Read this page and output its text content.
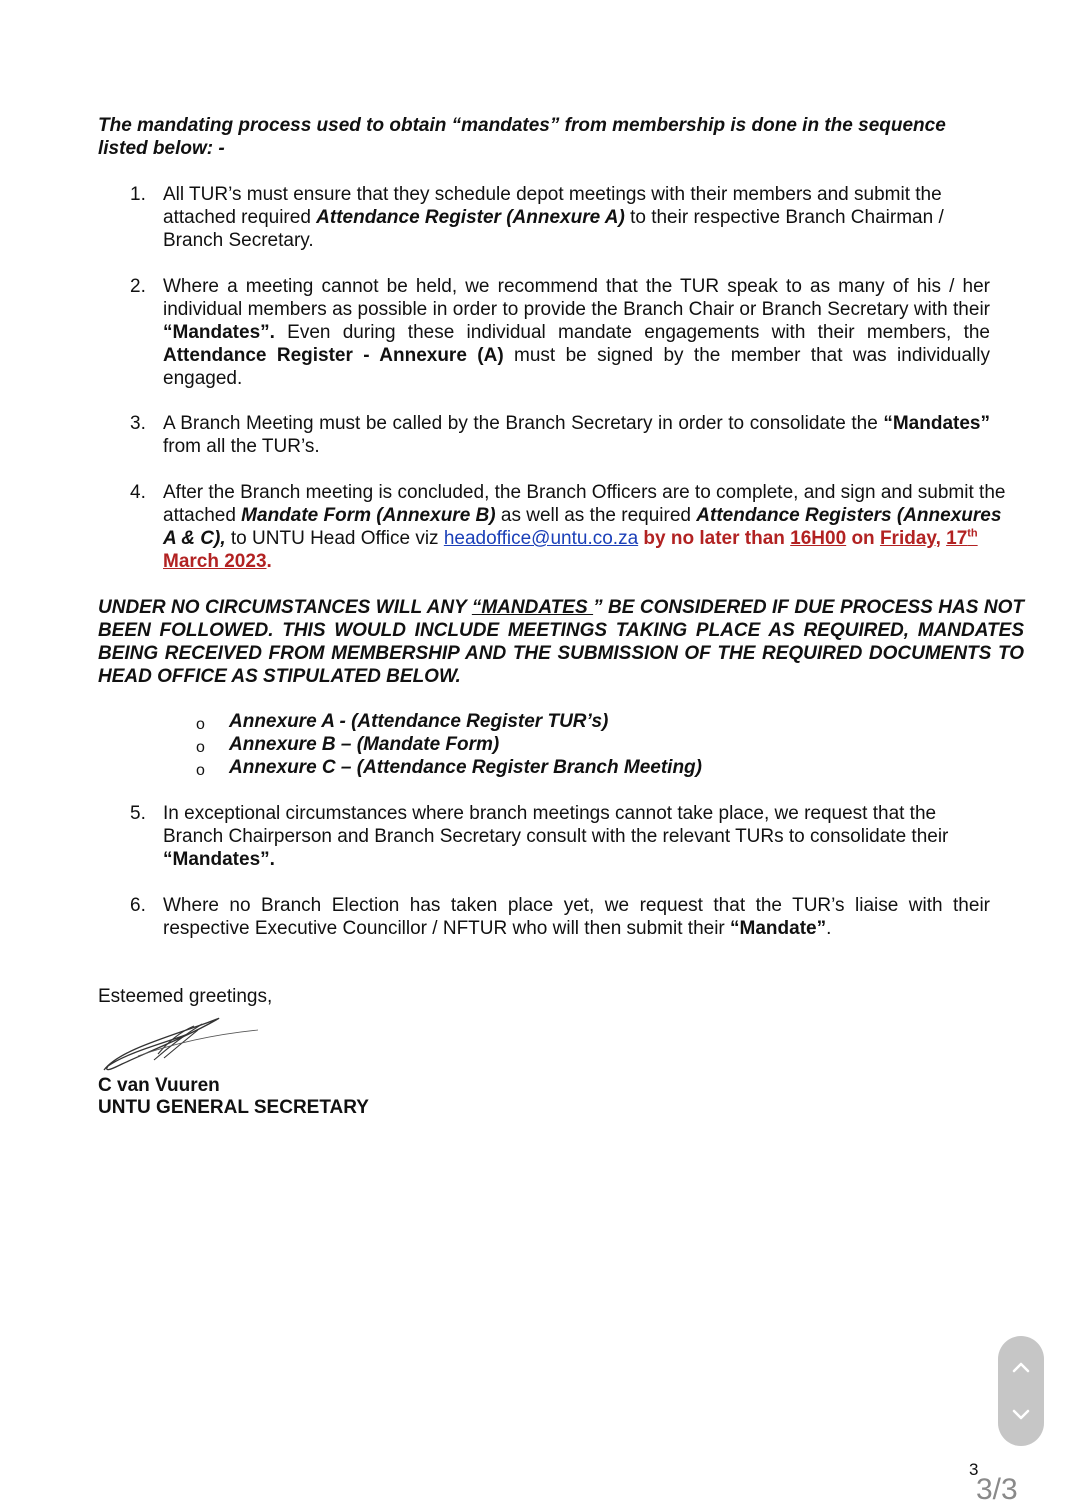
The mandating process used to obtain “mandates” from membership is done in the sequence listed below: -
1. All TUR’s must ensure that they schedule depot meetings with their members and submit the attached required Attendance Register (Annexure A) to their respective Branch Chairman / Branch Secretary.
2. Where a meeting cannot be held, we recommend that the TUR speak to as many of his / her individual members as possible in order to provide the Branch Chair or Branch Secretary with their “Mandates”. Even during these individual mandate engagements with their members, the Attendance Register - Annexure (A) must be signed by the member that was individually engaged.
3. A Branch Meeting must be called by the Branch Secretary in order to consolidate the “Mandates” from all the TUR’s.
4. After the Branch meeting is concluded, the Branch Officers are to complete, and sign and submit the attached Mandate Form (Annexure B) as well as the required Attendance Registers (Annexures A & C), to UNTU Head Office viz headoffice@untu.co.za by no later than 16H00 on Friday, 17th March 2023.
UNDER NO CIRCUMSTANCES WILL ANY “MANDATES ” BE CONSIDERED IF DUE PROCESS HAS NOT BEEN FOLLOWED. THIS WOULD INCLUDE MEETINGS TAKING PLACE AS REQUIRED, MANDATES BEING RECEIVED FROM MEMBERSHIP AND THE SUBMISSION OF THE REQUIRED DOCUMENTS TO HEAD OFFICE AS STIPULATED BELOW.
o Annexure A - (Attendance Register TUR’s)
o Annexure B – (Mandate Form)
o Annexure C – (Attendance Register Branch Meeting)
5. In exceptional circumstances where branch meetings cannot take place, we request that the Branch Chairperson and Branch Secretary consult with the relevant TURs to consolidate their “Mandates”.
6. Where no Branch Election has taken place yet, we request that the TUR’s liaise with their respective Executive Councillor / NFTUR who will then submit their “Mandate”.
Esteemed greetings,
C van Vuuren
UNTU GENERAL SECRETARY
3
3/3
